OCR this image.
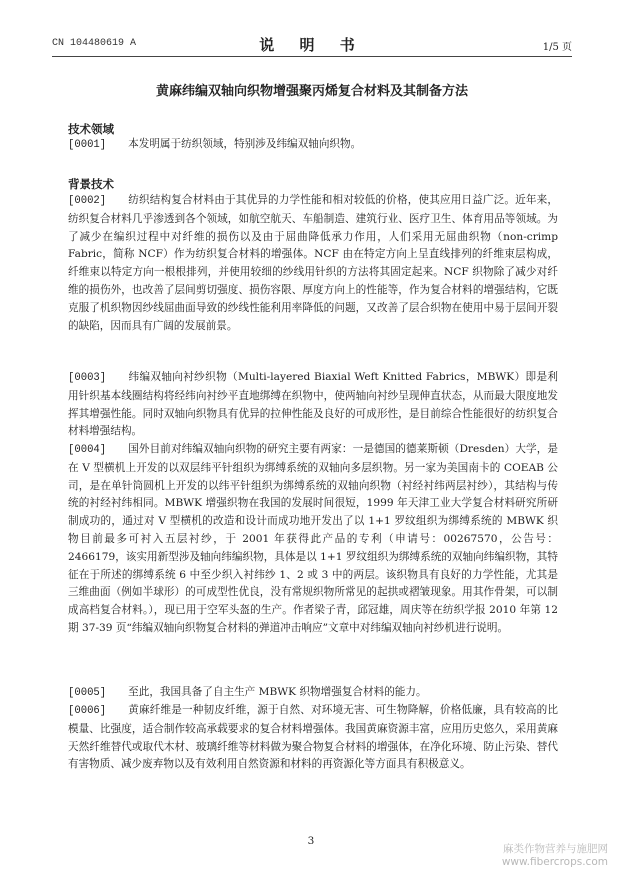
CN 104480619 A	说 明 书	1/5 页
黄麻纬编双轴向织物增强聚丙烯复合材料及其制备方法
技术领域
[0001] 本发明属于纺织领域，特别涉及纬编双轴向织物。
背景技术
[0002] 纺织结构复合材料由于其优异的力学性能和相对较低的价格，使其应用日益广泛。近年来，纺织复合材料几乎渗透到各个领域，如航空航天、车船制造、建筑行业、医疗卫生、体育用品等领域。为了减少在编织过程中对纤维的损伤以及由于屈曲降低承力作用，人们采用无屈曲织物（non-crimp Fabric，简称 NCF）作为纺织复合材料的增强体。NCF 由在特定方向上呈直线排列的纤维束层构成，纤维束以特定方向一根根排列，并使用较细的纱线用针织的方法将其固定起来。NCF 织物除了减少对纤维的损伤外，也改善了层间剪切强度、损伤容限、厚度方向上的性能等，作为复合材料的增强结构，它既克服了机织物因纱线屈曲面导致的纱线性能利用率降低的问题，又改善了层合织物在使用中易于层间开裂的缺陷，因而具有广阔的发展前景。
[0003] 纬编双轴向衬纱织物（Multi-layered Biaxial Weft Knitted Fabrics，MBWK）即是利用针织基本线圈结构将经纬向衬纱平直地绑缚在织物中，使两轴向衬纱呈现伸直状态，从而最大限度地发挥其增强性能。同时双轴向织物具有优异的拉伸性能及良好的可成形性，是目前综合性能很好的纺织复合材料增强结构。
[0004] 国外目前对纬编双轴向织物的研究主要有两家：一是德国的德莱斯顿（Dresden）大学，是在 V 型横机上开发的以双层纬平针组织为绑缚系统的双轴向多层织物。另一家为美国南卡的 COEAB 公司，是在单针筒圆机上开发的以纬平针组织为绑缚系统的双轴向织物（衬经衬纬两层衬纱），其结构与传统的衬经衬纬相同。MBWK 增强织物在我国的发展时间很短，1999 年天津工业大学复合材料研究所研制成功的，通过对 V 型横机的改造和设计而成功地开发出了以 1+1 罗纹组织为绑缚系统的 MBWK 织物目前最多可衬入五层衬纱，于 2001 年获得此产品的专利（申请号：00267570，公告号：2466179，该实用新型涉及轴向纬编织物，具体是以 1+1 罗纹组织为绑缚系统的双轴向纬编织物，其特征在于所述的绑缚系统 6 中至少织入衬纬纱 1、2 或 3 中的两层。该织物具有良好的力学性能，尤其是三维曲面（例如半球形）的可成型性优良，没有常规织物所常见的起拱或褶皱现象。用其作骨架，可以制成高档复合材料。），现已用于空军头盔的生产。作者梁子青，邱冠雄，周庆等在纺织学报 2010 年第 12 期 37-39 页“纬编双轴向织物复合材料的弹道冲击响应”文章中对纬编双轴向衬纱机进行说明。
[0005] 至此，我国具备了自主生产 MBWK 织物增强复合材料的能力。
[0006] 黄麻纤维是一种韧皮纤维，源于自然、对环境无害、可生物降解，价格低廉，具有较高的比模量、比强度，适合制作较高承载要求的复合材料增强体。我国黄麻资源丰富，应用历史悠久，采用黄麻天然纤维替代或取代木材、玻璃纤维等材料做为聚合物复合材料的增强体，在净化环境、防止污染、替代有害物质、减少废弃物以及有效利用自然资源和材料的再资源化等方面具有积极意义。
3
麻类作物营养与施肥网
www.fibercrops.com
